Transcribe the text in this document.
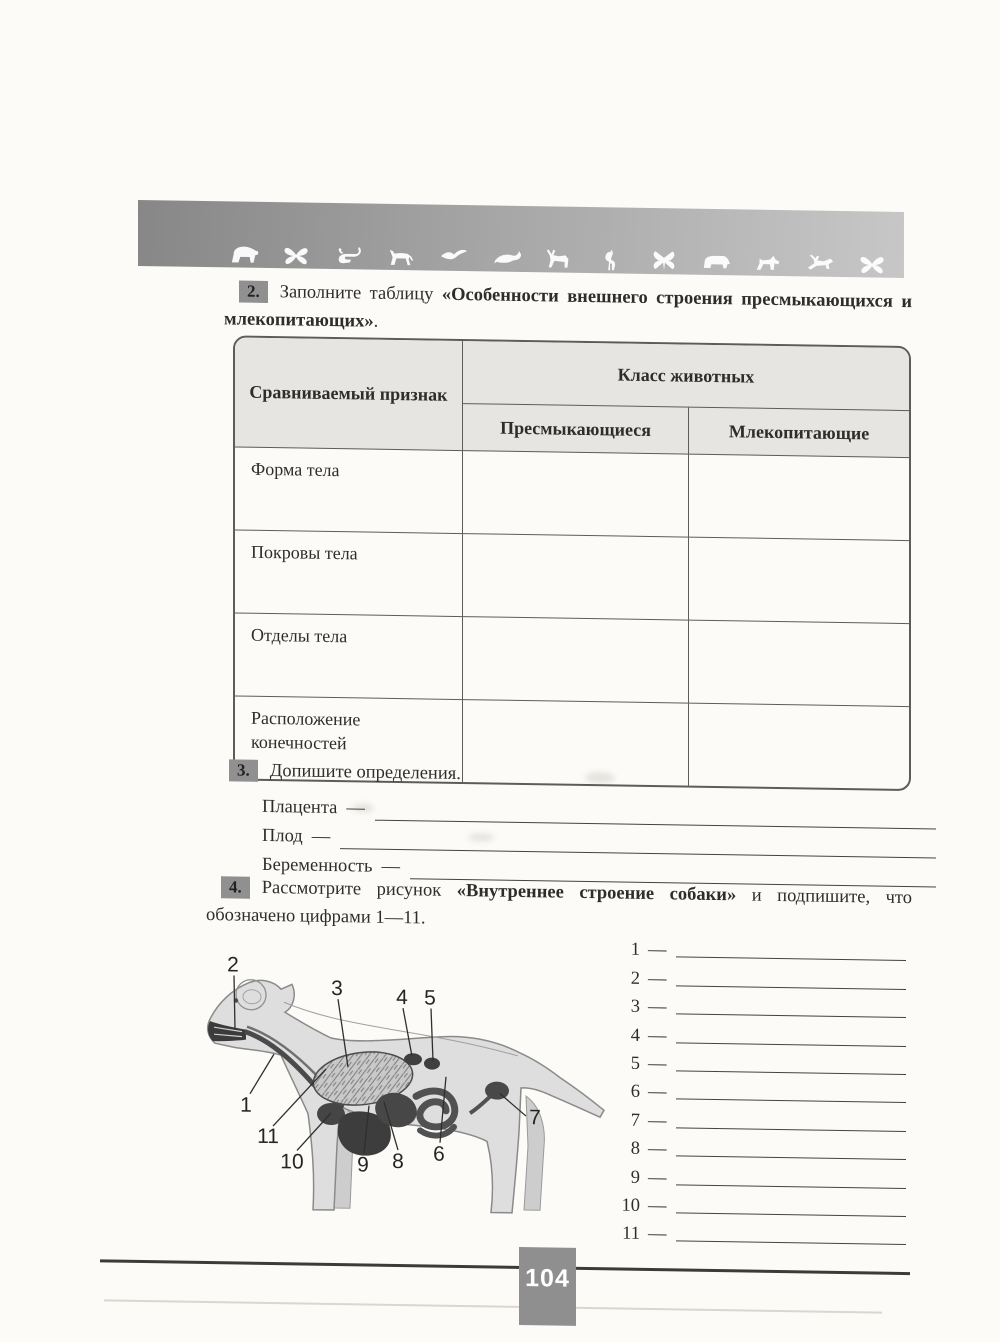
2. Заполните таблицу «Особенности внешнего строения пресмыкающихся и млекопитающих».

Сравниваемый признак	Класс животных	
	Пресмыкающиеся	Млекопитающие
Форма тела		
Покровы тела		
Отделы тела		
Расположение конечностей		

3. Допишите определения.

Плацента —
Плод —
Беременность —

4. Рассмотрите рисунок «Внутреннее строение собаки» и подпишите, что обозначено цифрами 1—11.

2
3	4 5
1
11
10	9 8 6
7
1 —
2 —
3 —
4 —
5 —
6 —
7 —
8 —
9 —
10 —
11 —
104
